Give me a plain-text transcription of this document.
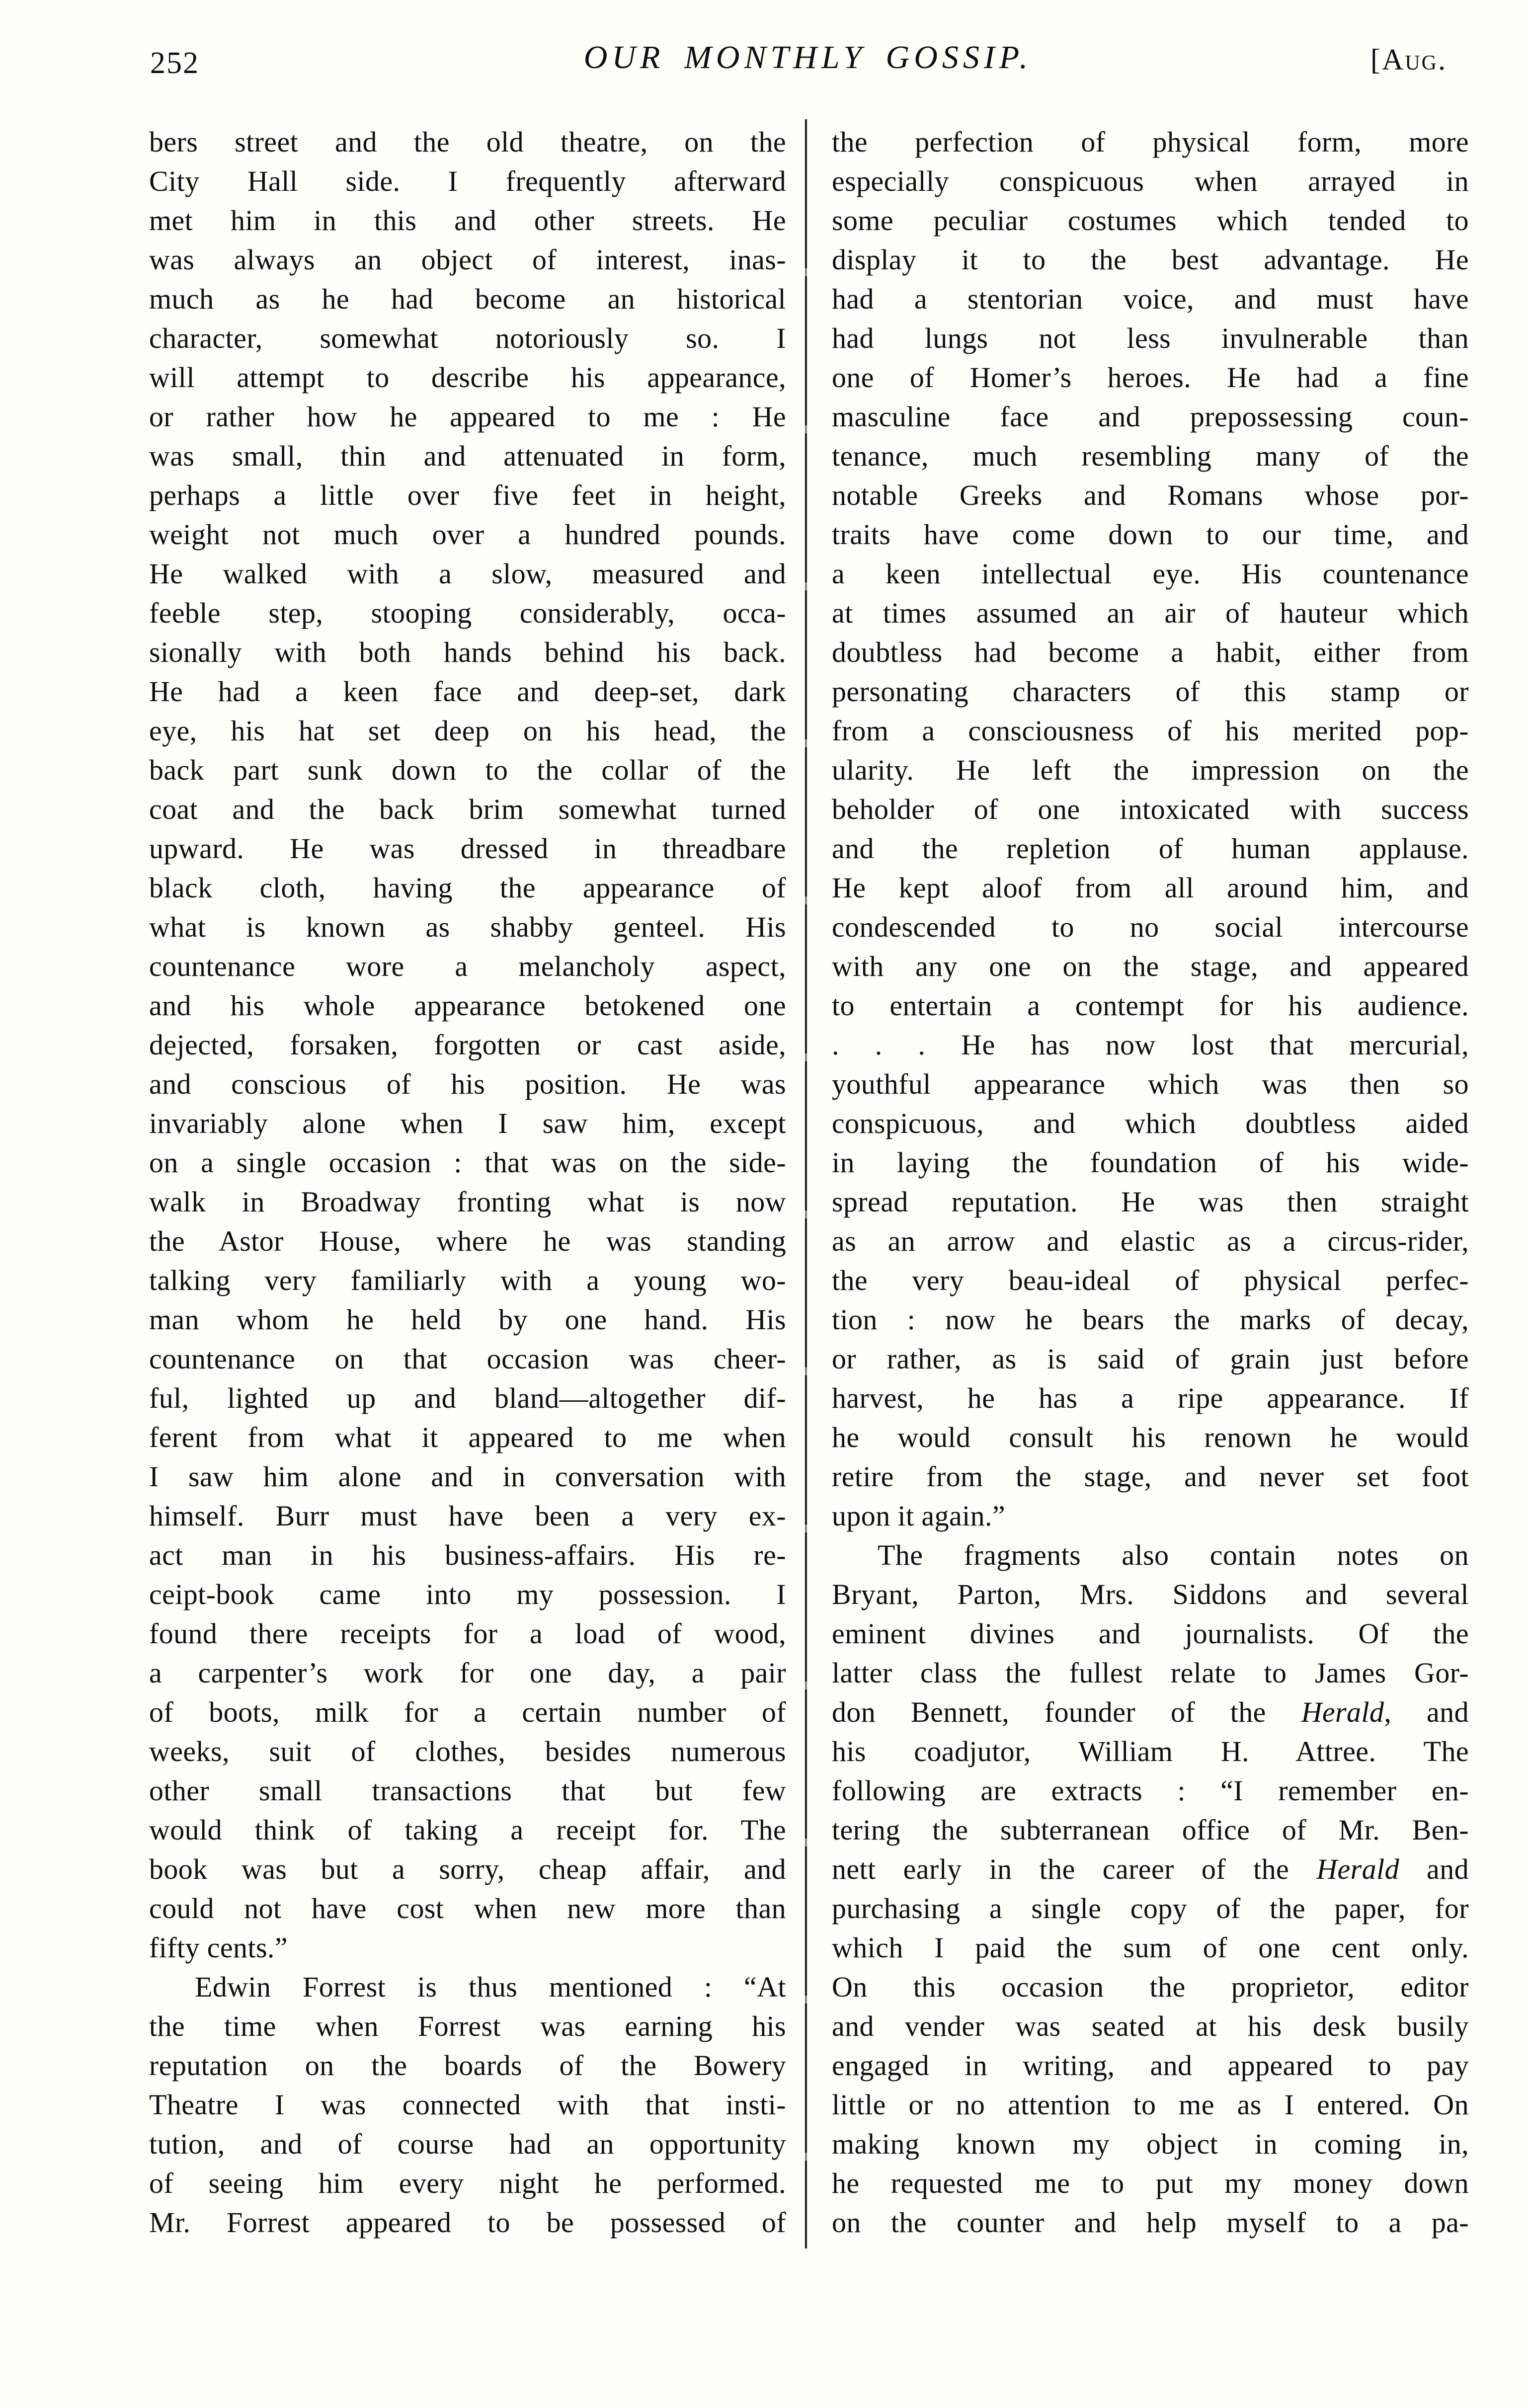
252	OUR MONTHLY GOSSIP.	[Aug.
bers street and the old theatre, on the
City Hall side. I frequently afterward
met him in this and other streets. He
was always an object of interest, inas-
much as he had become an historical
character, somewhat notoriously so. I
will attempt to describe his appearance,
or rather how he appeared to me : He
was small, thin and attenuated in form,
perhaps a little over five feet in height,
weight not much over a hundred pounds.
He walked with a slow, measured and
feeble step, stooping considerably, occa-
sionally with both hands behind his back.
He had a keen face and deep-set, dark
eye, his hat set deep on his head, the
back part sunk down to the collar of the
coat and the back brim somewhat turned
upward. He was dressed in threadbare
black cloth, having the appearance of
what is known as shabby genteel. His
countenance wore a melancholy aspect,
and his whole appearance betokened one
dejected, forsaken, forgotten or cast aside,
and conscious of his position. He was
invariably alone when I saw him, except
on a single occasion : that was on the side-
walk in Broadway fronting what is now
the Astor House, where he was standing
talking very familiarly with a young wo-
man whom he held by one hand. His
countenance on that occasion was cheer-
ful, lighted up and bland—altogether dif-
ferent from what it appeared to me when
I saw him alone and in conversation with
himself. Burr must have been a very ex-
act man in his business-affairs. His re-
ceipt-book came into my possession. I
found there receipts for a load of wood,
a carpenter’s work for one day, a pair
of boots, milk for a certain number of
weeks, suit of clothes, besides numerous
other small transactions that but few
would think of taking a receipt for. The
book was but a sorry, cheap affair, and
could not have cost when new more than
fifty cents.”
Edwin Forrest is thus mentioned : “At
the time when Forrest was earning his
reputation on the boards of the Bowery
Theatre I was connected with that insti-
tution, and of course had an opportunity
of seeing him every night he performed.
Mr. Forrest appeared to be possessed of
the perfection of physical form, more
especially conspicuous when arrayed in
some peculiar costumes which tended to
display it to the best advantage. He
had a stentorian voice, and must have
had lungs not less invulnerable than
one of Homer’s heroes. He had a fine
masculine face and prepossessing coun-
tenance, much resembling many of the
notable Greeks and Romans whose por-
traits have come down to our time, and
a keen intellectual eye. His countenance
at times assumed an air of hauteur which
doubtless had become a habit, either from
personating characters of this stamp or
from a consciousness of his merited pop-
ularity. He left the impression on the
beholder of one intoxicated with success
and the repletion of human applause.
He kept aloof from all around him, and
condescended to no social intercourse
with any one on the stage, and appeared
to entertain a contempt for his audience.
. . . He has now lost that mercurial,
youthful appearance which was then so
conspicuous, and which doubtless aided
in laying the foundation of his wide-
spread reputation. He was then straight
as an arrow and elastic as a circus-rider,
the very beau-ideal of physical perfec-
tion : now he bears the marks of decay,
or rather, as is said of grain just before
harvest, he has a ripe appearance. If
he would consult his renown he would
retire from the stage, and never set foot
upon it again.”
The fragments also contain notes on
Bryant, Parton, Mrs. Siddons and several
eminent divines and journalists. Of the
latter class the fullest relate to James Gor-
don Bennett, founder of the Herald, and
his coadjutor, William H. Attree. The
following are extracts : “I remember en-
tering the subterranean office of Mr. Ben-
nett early in the career of the Herald and
purchasing a single copy of the paper, for
which I paid the sum of one cent only.
On this occasion the proprietor, editor
and vender was seated at his desk busily
engaged in writing, and appeared to pay
little or no attention to me as I entered. On
making known my object in coming in,
he requested me to put my money down
on the counter and help myself to a pa-
